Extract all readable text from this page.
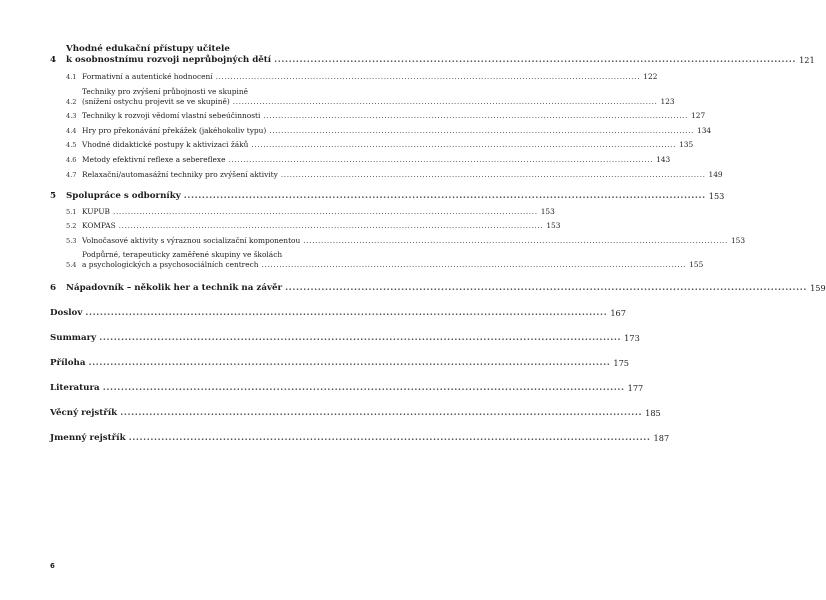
4
Vhodné edukační přístupy učitele
k osobnostnímu rozvoji neprůbojných dětí .....	121
4.1 Formativní a autentické hodnocení .....	122
4.2
Techniky pro zvýšení průbojnosti ve skupině
(snížení ostychu projevit se ve skupině) .....	123
4.3 Techniky k rozvoji vědomí vlastní sebeúčinnosti .....	127
4.4 Hry pro překonávání překážek (jakéhokoliv typu) .....	134
4.5 Vhodné didaktické postupy k aktivizaci žáků .....	135
4.6 Metody efektivní reflexe a sebereflexe .....	143
4.7 Relaxační/automasážní techniky pro zvýšení aktivity .....	149
5 Spolupráce s odborníky .....	153
5.1 KUPUB .....	153
5.2 KOMPAS .....	153
5.3 Volnočasové aktivity s výraznou socializační komponentou .....	153
5.4
Podpůrné, terapeuticky zaměřené skupiny ve školách
a psychologických a psychosociálních centrech .....	155
6 Nápadovník – několik her a technik na závěr .....	159
Doslov .....	167
Summary .....	173
Příloha .....	175
Literatura .....	177
Věcný rejstřík .....	185
Jmenný rejstřík .....	187
6
